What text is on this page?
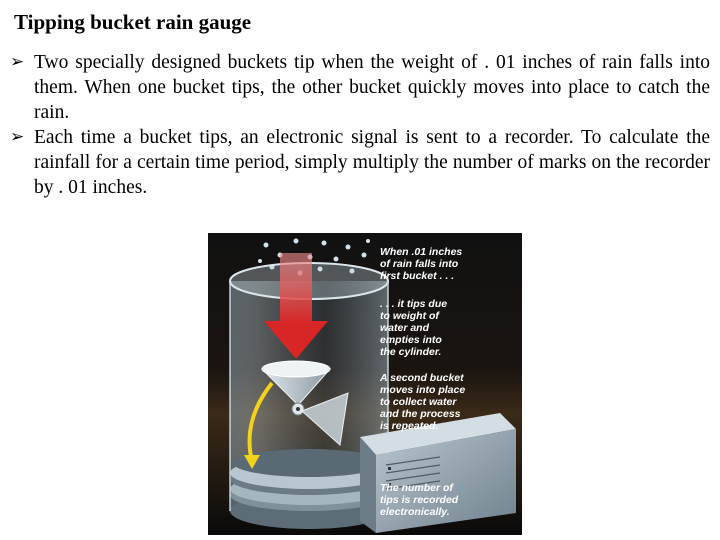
Tipping bucket rain gauge
➢ Two specially designed buckets tip when the weight of . 01 inches of rain falls into them. When one bucket tips, the other bucket quickly moves into place to catch the rain.
➢ Each time a bucket tips, an electronic signal is sent to a recorder. To calculate the rainfall for a certain time period, simply multiply the number of marks on the recorder by . 01 inches.
When .01 inches of rain falls into first bucket . . .
. . . it tips due to weight of water and empties into the cylinder.
A second bucket moves into place to collect water and the process is repeated.
The number of tips is recorded electronically.
